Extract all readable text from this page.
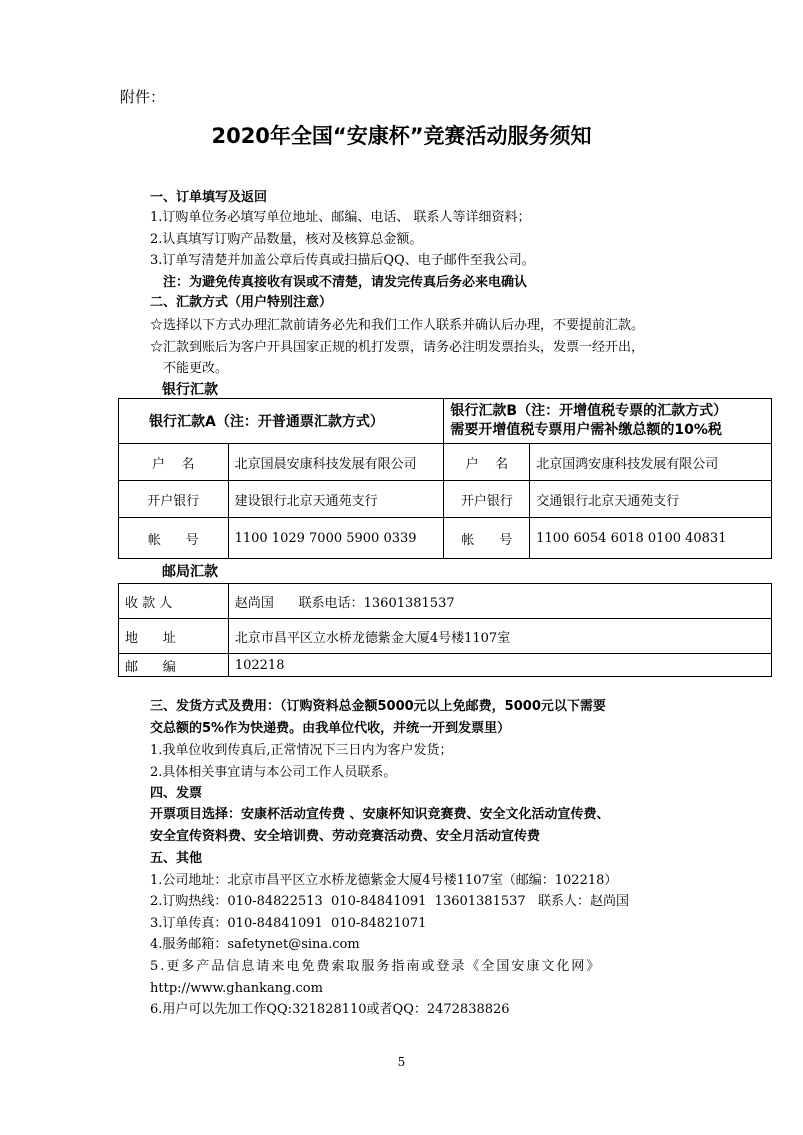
附件：
2020年全国“安康杯”竞赛活动服务须知
一、订单填写及返回
1.订购单位务必填写单位地址、邮编、电话、 联系人等详细资料；
2.认真填写订购产品数量，核对及核算总金额。
3.订单写清楚并加盖公章后传真或扫描后QQ、电子邮件至我公司。
注：为避免传真接收有误或不清楚，请发完传真后务必来电确认
二、汇款方式（用户特别注意）
☆选择以下方式办理汇款前请务必先和我们工作人联系并确认后办理，不要提前汇款。
☆汇款到账后为客户开具国家正规的机打发票，请务必注明发票抬头，发票一经开出，
不能更改。
银行汇款
银行汇款A（注：开普通票汇款方式）		银行汇款B（注：开增值税专票的汇款方式）
需要开增值税专票用户需补缴总额的10%税	
户    名	北京国晨安康科技发展有限公司	户    名	北京国鸿安康科技发展有限公司
开户银行	建设银行北京天通苑支行	开户银行	交通银行北京天通苑支行
帐      号	1100 1029 7000 5900 0339	帐      号	1100 6054 6018 0100 40831
邮局汇款
收 款 人	赵尚国      联系电话：13601381537
地      址	北京市昌平区立水桥龙德紫金大厦4号楼1107室
邮      编	102218
三、发货方式及费用：（订购资料总金额5000元以上免邮费，5000元以下需要
交总额的5%作为快递费。由我单位代收，并统一开到发票里）
1.我单位收到传真后,正常情况下三日内为客户发货；
2.具体相关事宜请与本公司工作人员联系。
四、发票
开票项目选择：安康杯活动宣传费 、安康杯知识竞赛费、安全文化活动宣传费、
安全宣传资料费、安全培训费、劳动竞赛活动费、安全月活动宣传费
五、其他
1.公司地址：北京市昌平区立水桥龙德紫金大厦4号楼1107室（邮编：102218）
2.订购热线：010-84822513  010-84841091  13601381537   联系人：赵尚国
3.订单传真：010-84841091  010-84821071
4.服务邮箱：safetynet@sina.com
5.更多产品信息请来电免费索取服务指南或登录《全国安康文化网》
http://www.ghankang.com
6.用户可以先加工作QQ:321828110或者QQ：2472838826
5
